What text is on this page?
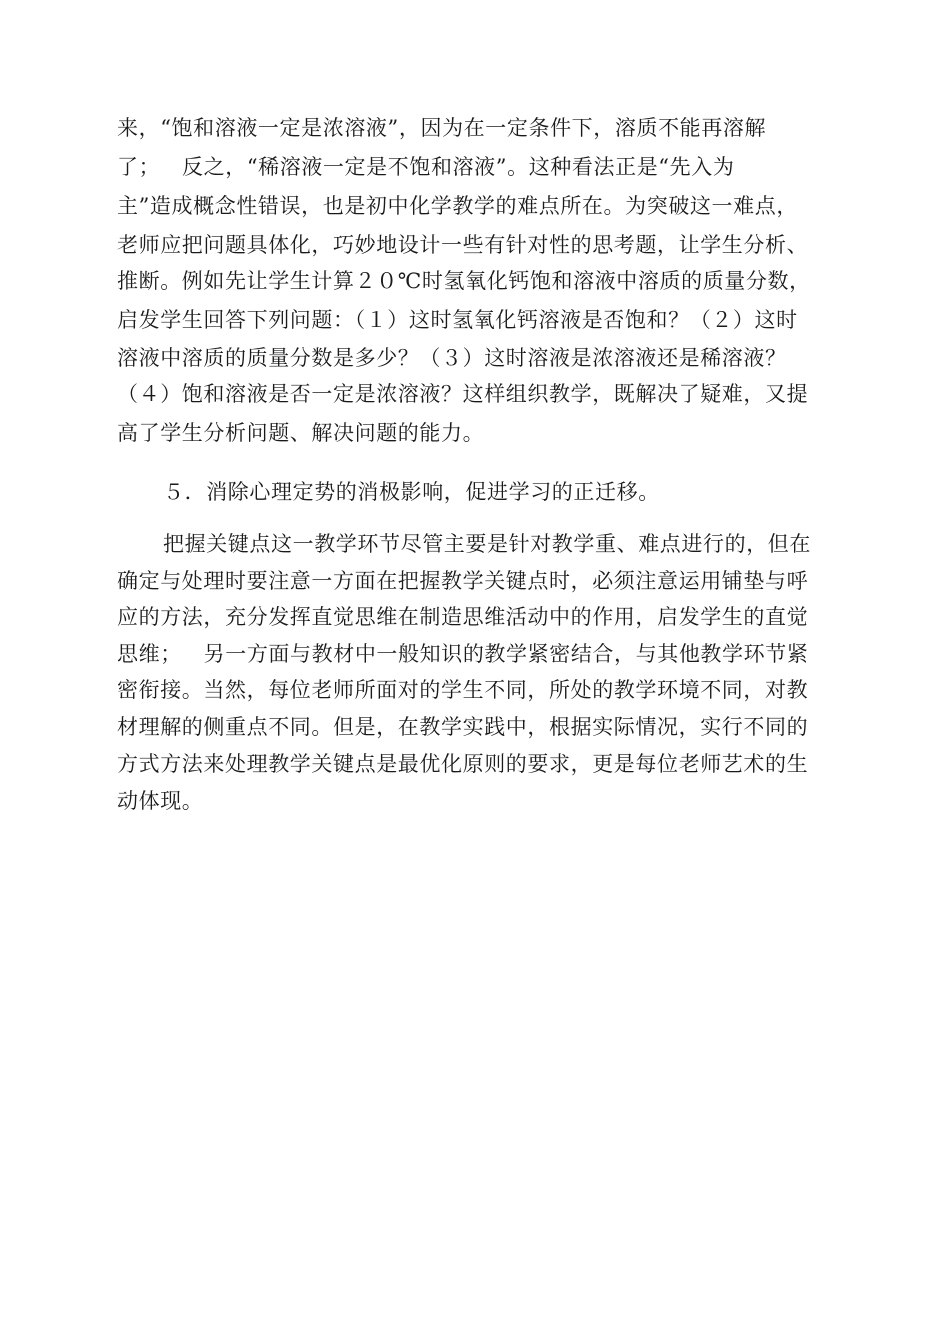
来，“饱和溶液一定是浓溶液”，因为在一定条件下，溶质不能再溶解
了；   反之，“稀溶液一定是不饱和溶液”。这种看法正是“先入为
主”造成概念性错误，也是初中化学教学的难点所在。为突破这一难点，
老师应把问题具体化，巧妙地设计一些有针对性的思考题，让学生分析、
推断。例如先让学生计算２０℃时氢氧化钙饱和溶液中溶质的质量分数，
启发学生回答下列问题：（１）这时氢氧化钙溶液是否饱和？（２）这时
溶液中溶质的质量分数是多少？（３）这时溶液是浓溶液还是稀溶液？
（４）饱和溶液是否一定是浓溶液？这样组织教学，既解决了疑难，又提
高了学生分析问题、解决问题的能力。
５．消除心理定势的消极影响，促进学习的正迁移。
把握关键点这一教学环节尽管主要是针对教学重、难点进行的，但在
确定与处理时要注意一方面在把握教学关键点时，必须注意运用铺垫与呼
应的方法，充分发挥直觉思维在制造思维活动中的作用，启发学生的直觉
思维；   另一方面与教材中一般知识的教学紧密结合，与其他教学环节紧
密衔接。当然，每位老师所面对的学生不同，所处的教学环境不同，对教
材理解的侧重点不同。但是，在教学实践中，根据实际情况，实行不同的
方式方法来处理教学关键点是最优化原则的要求，更是每位老师艺术的生
动体现。
